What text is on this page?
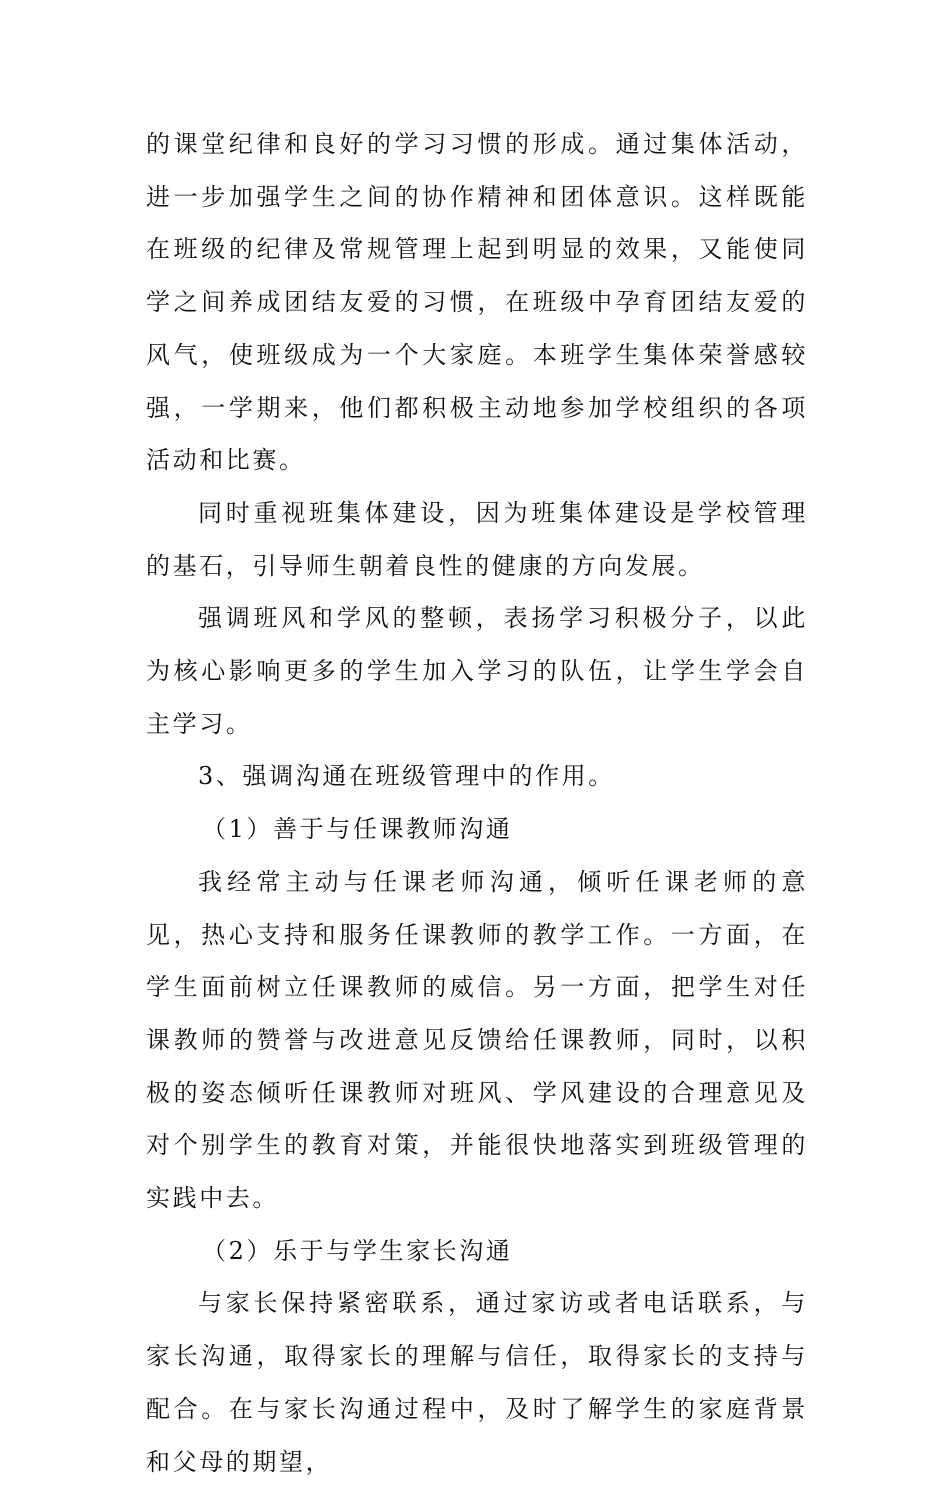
的课堂纪律和良好的学习习惯的形成。通过集体活动，进一步加强学生之间的协作精神和团体意识。这样既能在班级的纪律及常规管理上起到明显的效果，又能使同学之间养成团结友爱的习惯，在班级中孕育团结友爱的风气，使班级成为一个大家庭。本班学生集体荣誉感较强，一学期来，他们都积极主动地参加学校组织的各项活动和比赛。

同时重视班集体建设，因为班集体建设是学校管理的基石，引导师生朝着良性的健康的方向发展。

强调班风和学风的整顿，表扬学习积极分子，以此为核心影响更多的学生加入学习的队伍，让学生学会自主学习。

3、强调沟通在班级管理中的作用。

（1）善于与任课教师沟通

我经常主动与任课老师沟通，倾听任课老师的意见，热心支持和服务任课教师的教学工作。一方面，在学生面前树立任课教师的威信。另一方面，把学生对任课教师的赞誉与改进意见反馈给任课教师，同时，以积极的姿态倾听任课教师对班风、学风建设的合理意见及对个别学生的教育对策，并能很快地落实到班级管理的实践中去。

（2）乐于与学生家长沟通

与家长保持紧密联系，通过家访或者电话联系，与家长沟通，取得家长的理解与信任，取得家长的支持与配合。在与家长沟通过程中，及时了解学生的家庭背景和父母的期望，
